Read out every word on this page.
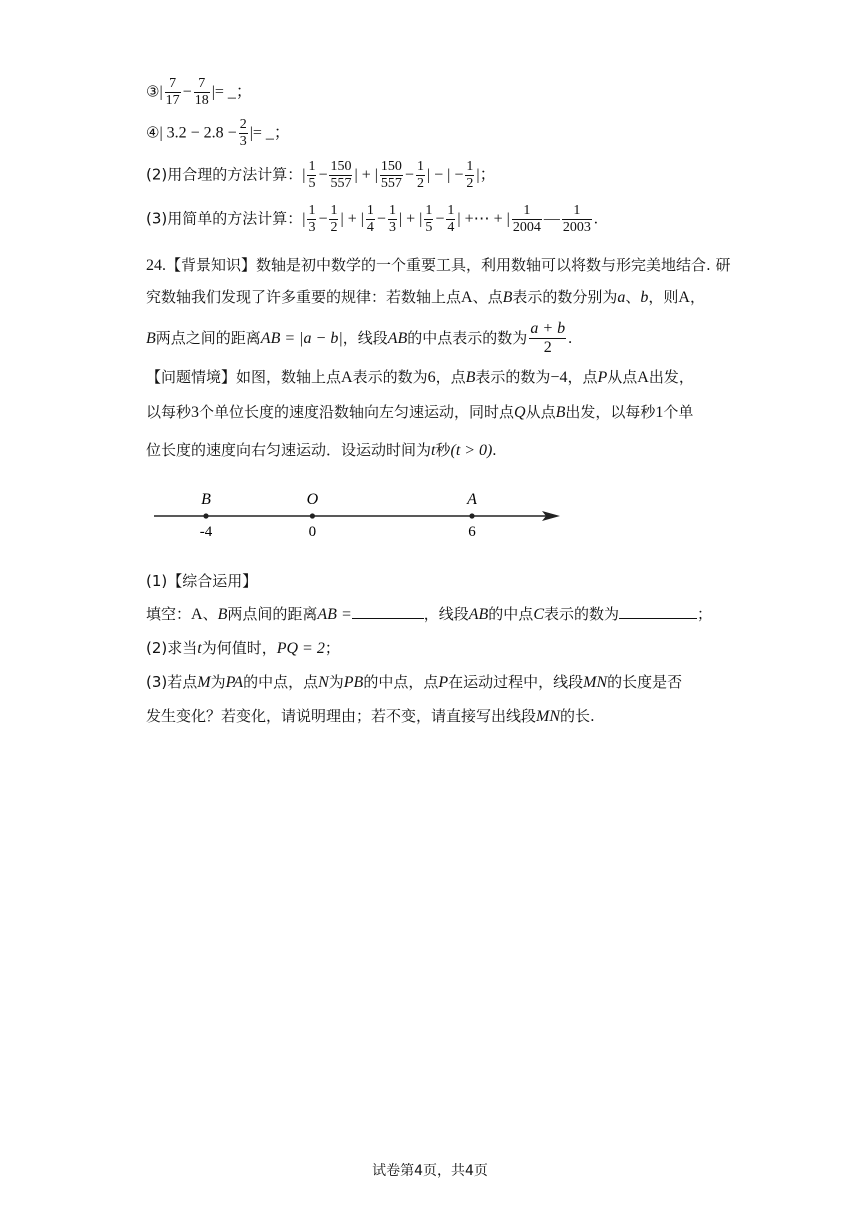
③| $\frac{7}{17} - \frac{7}{18}$ |= _；
④| $3.2 - 2.8 - \frac{2}{3}$ |= _；
(2)用合理的方法计算：| $\frac{1}{5} - \frac{150}{557}$ | + | $\frac{150}{557} - \frac{1}{2}$ | − | − $\frac{1}{2}$ |；
(3)用简单的方法计算：| $\frac{1}{3} - \frac{1}{2}$ | + | $\frac{1}{4} - \frac{1}{3}$ | + | $\frac{1}{5} - \frac{1}{4}$ | +⋯ + | $\frac{1}{2004}$ — $\frac{1}{2003}$ .
24.【背景知识】数轴是初中数学的一个重要工具，利用数轴可以将数与形完美地结合. 研
究数轴我们发现了许多重要的规律：若数轴上点A、点B表示的数分别为a、b，则A，
B两点之间的距离AB = |a − b|，线段AB的中点表示的数为 $\frac{a + b}{2}$ .
【问题情境】如图，数轴上点A表示的数为6，点B表示的数为−4，点P从点A出发，
以每秒3个单位长度的速度沿数轴向左匀速运动，同时点Q从点B出发，以每秒1个单
位长度的速度向右匀速运动．设运动时间为t秒(t > 0).
B
-4
O
0
A
6
(1)【综合运用】
填空：A、B两点间的距离AB =	，线段AB的中点C表示的数为	；
(2)求当t为何值时，PQ = 2；
(3)若点M为PA的中点，点N为PB的中点，点P在运动过程中，线段MN的长度是否
发生变化？若变化，请说明理由；若不变，请直接写出线段MN的长.
试卷第4页，共4页
